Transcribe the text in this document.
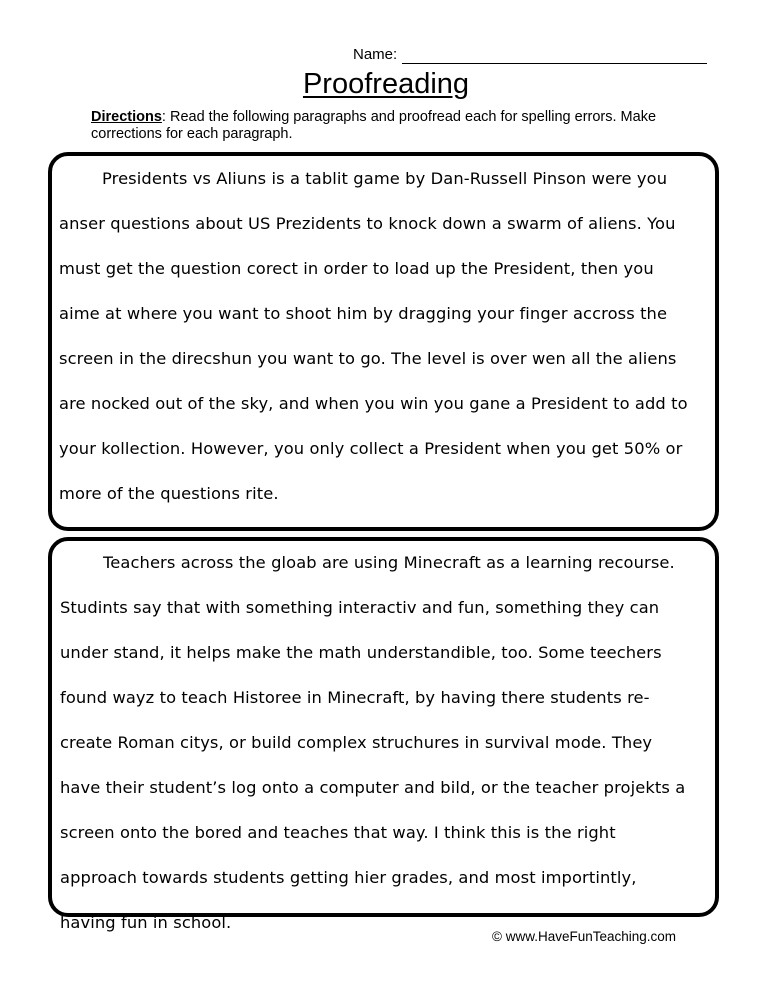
Name:
Proofreading
Directions: Read the following paragraphs and proofread each for spelling errors. Make corrections for each paragraph.

Presidents vs Aliuns is a tablit game by Dan-Russell Pinson were you
anser questions about US Prezidents to knock down a swarm of aliens. You
must get the question corect in order to load up the President, then you
aime at where you want to shoot him by dragging your finger accross the
screen in the direcshun you want to go. The level is over wen all the aliens
are nocked out of the sky, and when you win you gane a President to add to
your kollection. However, you only collect a President when you get 50% or
more of the questions rite.

Teachers across the gloab are using Minecraft as a learning recourse.
Studints say that with something interactiv and fun, something they can
under stand, it helps make the math understandible, too. Some teechers
found wayz to teach Historee in Minecraft, by having there students re-
create Roman citys, or build complex struchures in survival mode. They
have their student’s log onto a computer and bild, or the teacher projekts a
screen onto the bored and teaches that way. I think this is the right
approach towards students getting hier grades, and most importintly,
having fun in school.

© www.HaveFunTeaching.com
